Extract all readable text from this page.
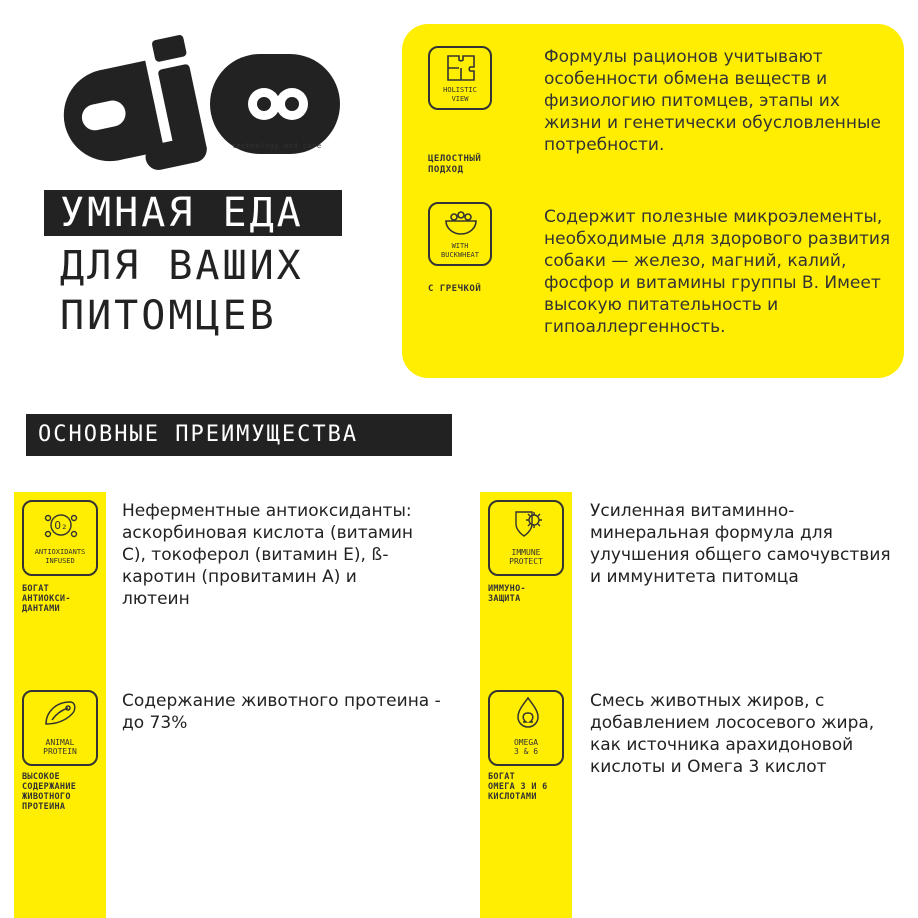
technology and care
УМНАЯ ЕДА
ДЛЯ ВАШИХ
ПИТОМЦЕВ
HOLISTIC
VIEW
ЦЕЛОСТНЫЙ
ПОДХОД
Формулы рационов учитывают особенности обмена веществ и физиологию питомцев, этапы их жизни и генетически обусловленные потребности.
WITH
BUCKWHEAT
С ГРЕЧКОЙ
Содержит полезные микроэлементы, необходимые для здорового развития собаки — железо, магний, калий, фосфор и витамины группы B. Имеет высокую питательность и гипоаллергенность.
ОСНОВНЫЕ ПРЕИМУЩЕСТВА
O₂
ANTIOXIDANTS
INFUSED
БОГАТ
АНТИОКСИ-
ДАНТАМИ
Неферментные антиоксиданты: аскорбиновая кислота (витамин С), токоферол (витамин Е), ß-каротин (провитамин А) и лютеин
IMMUNE
PROTECT
ИММУНО-
ЗАЩИТА
Усиленная витаминно-минеральная формула для улучшения общего самочувствия и иммунитета питомца
ANIMAL
PROTEIN
ВЫСОКОЕ
СОДЕРЖАНИЕ
ЖИВОТНОГО
ПРОТЕИНА
Содержание животного протеина - до 73%
OMEGA
3 & 6
БОГАТ
ОМЕГА 3 И 6
КИСЛОТАМИ
Смесь животных жиров, с добавлением лососевого жира, как источника арахидоновой кислоты и Омега 3 кислот
